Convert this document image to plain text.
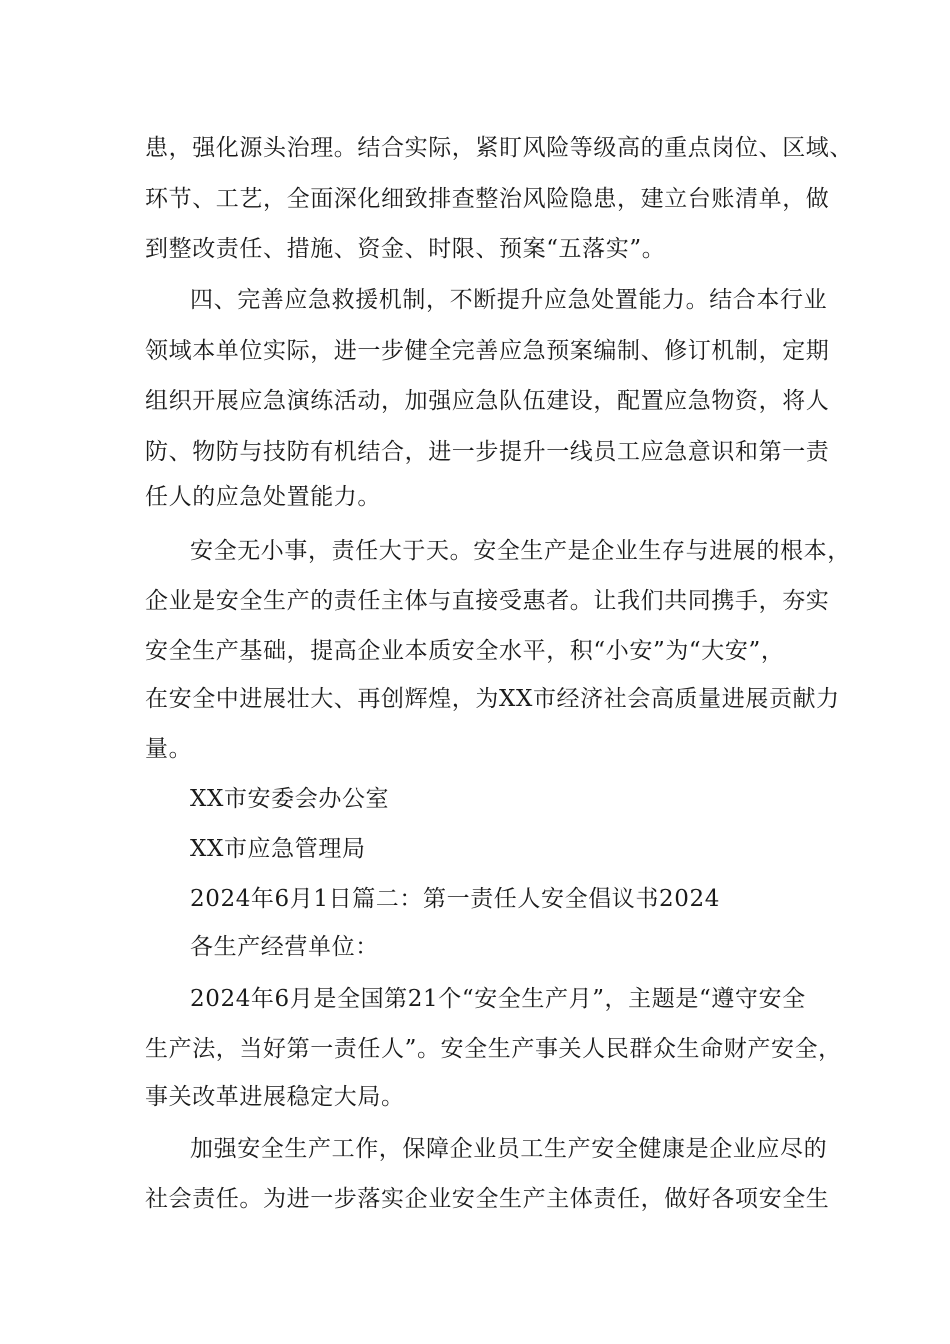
患，强化源头治理。结合实际，紧盯风险等级高的重点岗位、区域、
环节、工艺，全面深化细致排查整治风险隐患，建立台账清单，做
到整改责任、措施、资金、时限、预案“五落实”。
四、完善应急救援机制，不断提升应急处置能力。结合本行业
领域本单位实际，进一步健全完善应急预案编制、修订机制，定期
组织开展应急演练活动，加强应急队伍建设，配置应急物资，将人
防、物防与技防有机结合，进一步提升一线员工应急意识和第一责
任人的应急处置能力。
安全无小事，责任大于天。安全生产是企业生存与进展的根本，
企业是安全生产的责任主体与直接受惠者。让我们共同携手，夯实
安全生产基础，提高企业本质安全水平，积“小安”为“大安”，
在安全中进展壮大、再创辉煌，为XX市经济社会高质量进展贡献力
量。
XX市安委会办公室
XX市应急管理局
2024年6月1日篇二：第一责任人安全倡议书2024
各生产经营单位：
2024年6月是全国第21个“安全生产月”，主题是“遵守安全
生产法，当好第一责任人”。安全生产事关人民群众生命财产安全，
事关改革进展稳定大局。
加强安全生产工作，保障企业员工生产安全健康是企业应尽的
社会责任。为进一步落实企业安全生产主体责任，做好各项安全生
